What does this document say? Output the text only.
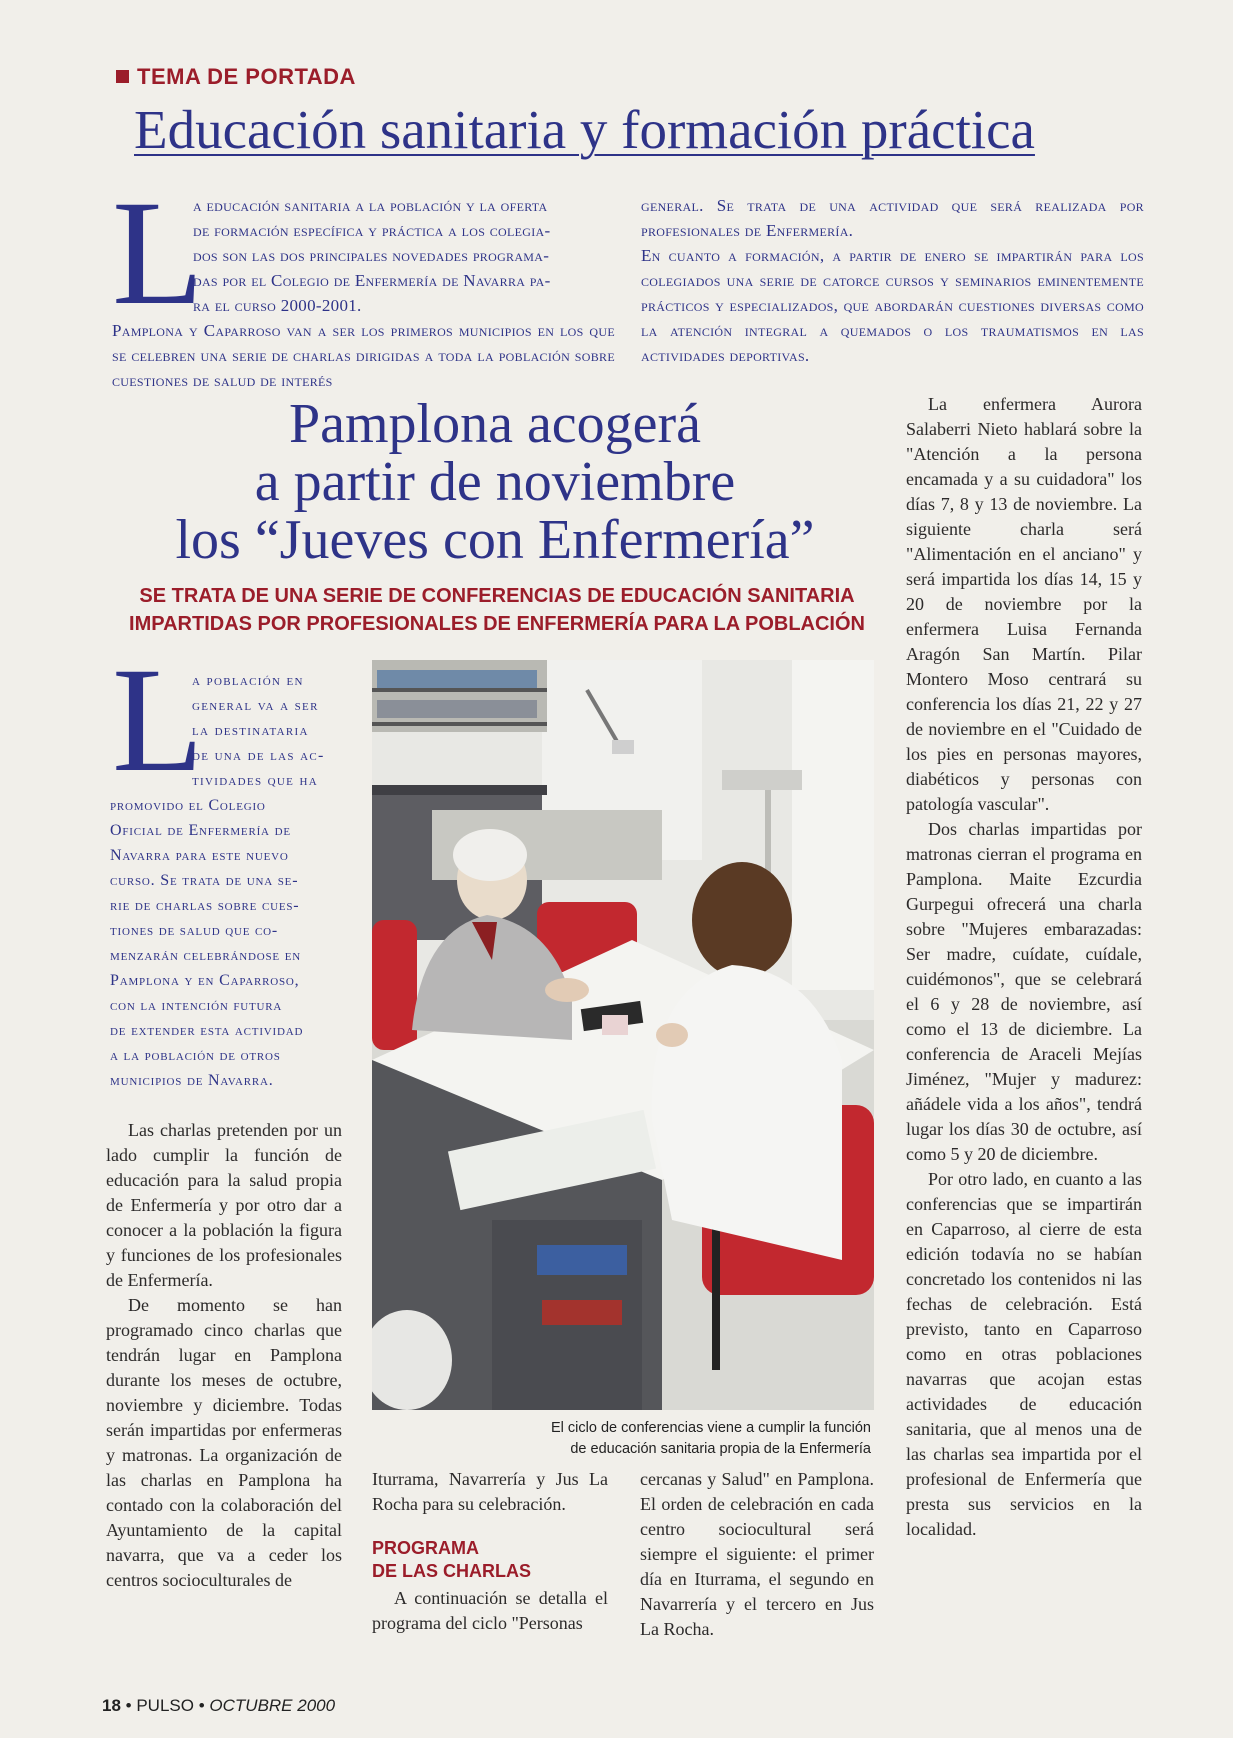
TEMA DE PORTADA
Educación sanitaria y formación práctica
L
a educación sanitaria a la población y la oferta
de formación específica y práctica a los colegia-
dos son las dos principales novedades programa-
das por el Colegio de Enfermería de Navarra pa-
ra el curso 2000-2001.
Pamplona y Caparroso van a ser los primeros municipios en los que se celebren una serie de charlas dirigidas a toda la población sobre cuestiones de salud de interés
general. Se trata de una actividad que será realizada por profesionales de Enfermería.
En cuanto a formación, a partir de enero se impartirán para los colegiados una serie de catorce cursos y seminarios eminentemente prácticos y especializados, que abordarán cuestiones diversas como la atención integral a quemados o los traumatismos en las actividades deportivas.
Pamplona acogerá
a partir de noviembre
los “Jueves con Enfermería”
SE TRATA DE UNA SERIE DE CONFERENCIAS DE EDUCACIÓN SANITARIA
IMPARTIDAS POR PROFESIONALES DE ENFERMERÍA PARA LA POBLACIÓN
L
a población en
general va a ser
la destinataria
de una de las ac-
tividades que ha
promovido el Colegio
Oficial de Enfermería de
Navarra para este nuevo
curso. Se trata de una se-
rie de charlas sobre cues-
tiones de salud que co-
menzarán celebrándose en
Pamplona y en Caparroso,
con la intención futura
de extender esta actividad
a la población de otros
municipios de Navarra.

Las charlas pretenden por un lado cumplir la función de educación para la salud propia de Enfermería y por otro dar a conocer a la población la figura y funciones de los profesionales de Enfermería.

De momento se han programado cinco charlas que tendrán lugar en Pamplona durante los meses de octubre, noviembre y diciembre. Todas serán impartidas por enfermeras y matronas. La organización de las charlas en Pamplona ha contado con la colaboración del Ayuntamiento de la capital navarra, que va a ceder los centros socioculturales de

El ciclo de conferencias viene a cumplir la función
de educación sanitaria propia de la Enfermería

Iturrama, Navarrería y Jus La Rocha para su celebración.

PROGRAMA
DE LAS CHARLAS

A continuación se detalla el programa del ciclo "Personas

cercanas y Salud" en Pamplona. El orden de celebración en cada centro sociocultural será siempre el siguiente: el primer día en Iturrama, el segundo en Navarrería y el tercero en Jus La Rocha.

La enfermera Aurora Salaberri Nieto hablará sobre la "Atención a la persona encamada y a su cuidadora" los días 7, 8 y 13 de noviembre. La siguiente charla será "Alimentación en el anciano" y será impartida los días 14, 15 y 20 de noviembre por la enfermera Luisa Fernanda Aragón San Martín. Pilar Montero Moso centrará su conferencia los días 21, 22 y 27 de noviembre en el "Cuidado de los pies en personas mayores, diabéticos y personas con patología vascular".

Dos charlas impartidas por matronas cierran el programa en Pamplona. Maite Ezcurdia Gurpegui ofrecerá una charla sobre "Mujeres embarazadas: Ser madre, cuídate, cuídale, cuidémonos", que se celebrará el 6 y 28 de noviembre, así como el 13 de diciembre. La conferencia de Araceli Mejías Jiménez, "Mujer y madurez: añádele vida a los años", tendrá lugar los días 30 de octubre, así como 5 y 20 de diciembre.

Por otro lado, en cuanto a las conferencias que se impartirán en Caparroso, al cierre de esta edición todavía no se habían concretado los contenidos ni las fechas de celebración. Está previsto, tanto en Caparroso como en otras poblaciones navarras que acojan estas actividades de educación sanitaria, que al menos una de las charlas sea impartida por el profesional de Enfermería que presta sus servicios en la localidad.

18 • PULSO • OCTUBRE 2000
